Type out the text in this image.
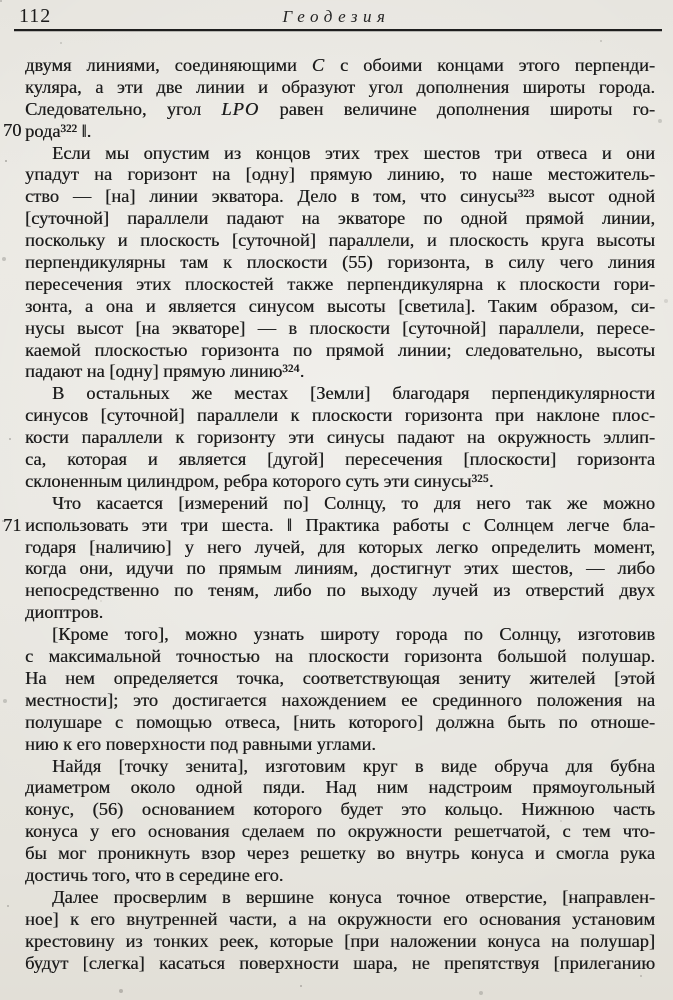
112	Геодезия
70
71
двумя линиями, соединяющими C с обоими концами этого перпенди-
куляра, а эти две линии и образуют угол дополнения широты города.
Следовательно, угол LPO равен величине дополнения широты го-
рода³²² ‖.
Если мы опустим из концов этих трех шестов три отвеса и они
упадут на горизонт на [одну] прямую линию, то наше местожитель-
ство — [на] линии экватора. Дело в том, что синусы³²³ высот одной
[суточной] параллели падают на экваторе по одной прямой линии,
поскольку и плоскость [суточной] параллели, и плоскость круга высоты
перпендикулярны там к плоскости (55) горизонта, в силу чего линия
пересечения этих плоскостей также перпендикулярна к плоскости гори-
зонта, а она и является синусом высоты [светила]. Таким образом, си-
нусы высот [на экваторе] — в плоскости [суточной] параллели, пересе-
каемой плоскостью горизонта по прямой линии; следовательно, высоты
падают на [одну] прямую линию³²⁴.
В остальных же местах [Земли] благодаря перпендикулярности
синусов [суточной] параллели к плоскости горизонта при наклоне плос-
кости параллели к горизонту эти синусы падают на окружность эллип-
са, которая и является [дугой] пересечения [плоскости] горизонта
склоненным цилиндром, ребра которого суть эти синусы³²⁵.
Что касается [измерений по] Солнцу, то для него так же можно
использовать эти три шеста. ‖ Практика работы с Солнцем легче бла-
годаря [наличию] у него лучей, для которых легко определить момент,
когда они, идучи по прямым линиям, достигнут этих шестов, — либо
непосредственно по теням, либо по выходу лучей из отверстий двух
диоптров.
[Кроме того], можно узнать широту города по Солнцу, изготовив
с максимальной точностью на плоскости горизонта большой полушар.
На нем определяется точка, соответствующая зениту жителей [этой
местности]; это достигается нахождением ее срединного положения на
полушаре с помощью отвеса, [нить которого] должна быть по отноше-
нию к его поверхности под равными углами.
Найдя [точку зенита], изготовим круг в виде обруча для бубна
диаметром около одной пяди. Над ним надстроим прямоугольный
конус, (56) основанием которого будет это кольцо. Нижнюю часть
конуса у его основания сделаем по окружности решетчатой, с тем что-
бы мог проникнуть взор через решетку во внутрь конуса и смогла рука
достичь того, что в середине его.
Далее просверлим в вершине конуса точное отверстие, [направлен-
ное] к его внутренней части, а на окружности его основания установим
крестовину из тонких реек, которые [при наложении конуса на полушар]
будут [слегка] касаться поверхности шара, не препятствуя [прилеганию
